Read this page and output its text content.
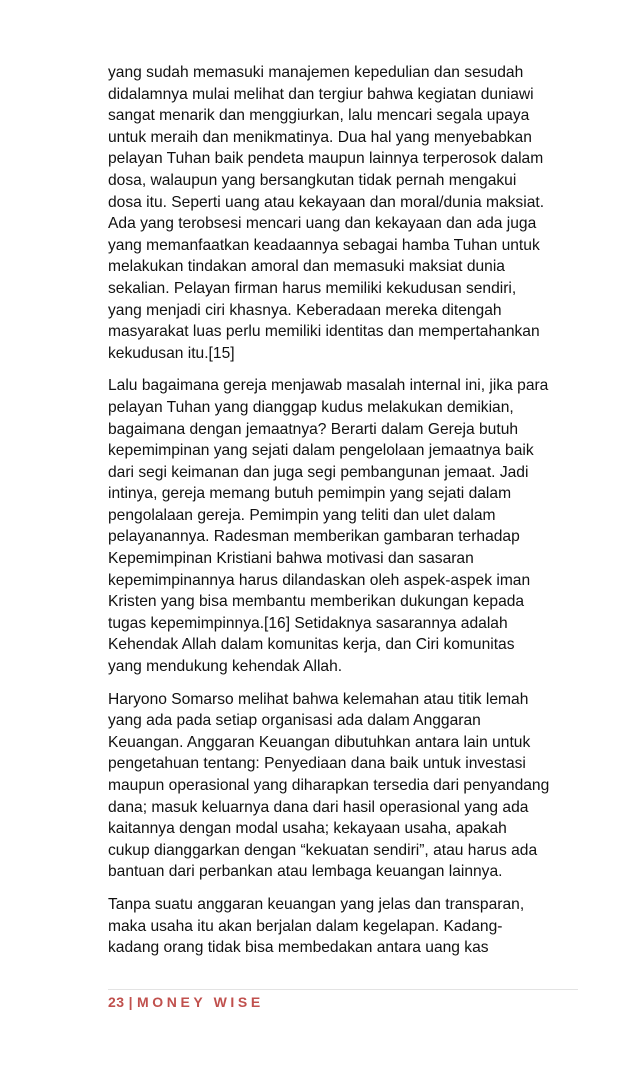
yang sudah memasuki manajemen kepedulian dan sesudah
didalamnya mulai melihat dan tergiur bahwa kegiatan duniawi
sangat menarik dan menggiurkan, lalu mencari segala upaya
untuk meraih dan menikmatinya. Dua hal yang menyebabkan
pelayan Tuhan baik pendeta maupun lainnya terperosok dalam
dosa, walaupun yang bersangkutan tidak pernah mengakui
dosa itu. Seperti uang atau kekayaan dan moral/dunia maksiat.
Ada yang terobsesi mencari uang dan kekayaan dan ada juga
yang memanfaatkan keadaannya sebagai hamba Tuhan untuk
melakukan tindakan amoral dan memasuki maksiat dunia
sekalian. Pelayan firman harus memiliki kekudusan sendiri,
yang menjadi ciri khasnya. Keberadaan mereka ditengah
masyarakat luas perlu memiliki identitas dan mempertahankan
kekudusan itu.[15]

Lalu bagaimana gereja menjawab masalah internal ini, jika para
pelayan Tuhan yang dianggap kudus melakukan demikian,
bagaimana dengan jemaatnya? Berarti dalam Gereja butuh
kepemimpinan yang sejati dalam pengelolaan jemaatnya baik
dari segi keimanan dan juga segi pembangunan jemaat. Jadi
intinya, gereja memang butuh pemimpin yang sejati dalam
pengolalaan gereja. Pemimpin yang teliti dan ulet dalam
pelayanannya. Radesman memberikan gambaran terhadap
Kepemimpinan Kristiani bahwa motivasi dan sasaran
kepemimpinannya harus dilandaskan oleh aspek-aspek iman
Kristen yang bisa membantu memberikan dukungan kepada
tugas kepemimpinnya.[16] Setidaknya sasarannya adalah
Kehendak Allah dalam komunitas kerja, dan Ciri komunitas
yang mendukung kehendak Allah.

Haryono Somarso melihat bahwa kelemahan atau titik lemah
yang ada pada setiap organisasi ada dalam Anggaran
Keuangan. Anggaran Keuangan dibutuhkan antara lain untuk
pengetahuan tentang: Penyediaan dana baik untuk investasi
maupun operasional yang diharapkan tersedia dari penyandang
dana; masuk keluarnya dana dari hasil operasional yang ada
kaitannya dengan modal usaha; kekayaan usaha, apakah
cukup dianggarkan dengan “kekuatan sendiri”, atau harus ada
bantuan dari perbankan atau lembaga keuangan lainnya.

Tanpa suatu anggaran keuangan yang jelas dan transparan,
maka usaha itu akan berjalan dalam kegelapan. Kadang-
kadang orang tidak bisa membedakan antara uang kas

23 | MONEY WISE
